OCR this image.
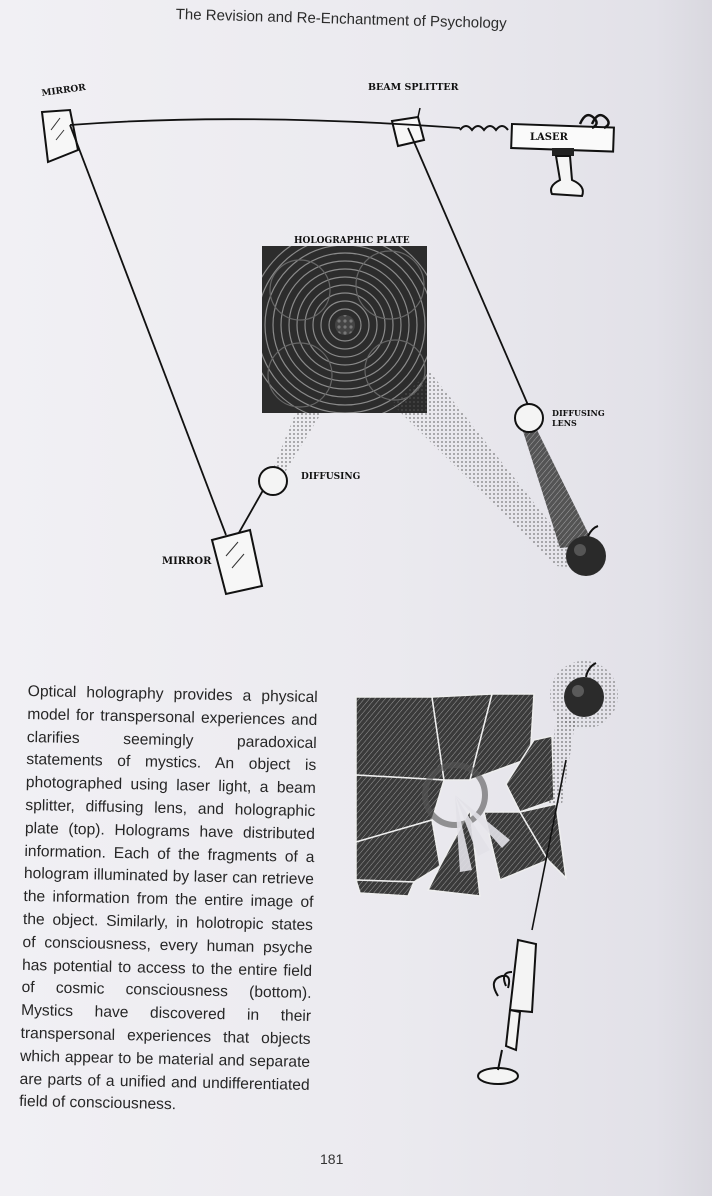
The Revision and Re-Enchantment of Psychology
MIRROR	BEAM SPLITTER
LASER
HOLOGRAPHIC PLATE
DIFFUSING
LENS
DIFFUSING
MIRROR

Optical holography provides a physical model for transpersonal experiences and clarifies seemingly paradoxical statements of mystics. An object is photographed using laser light, a beam splitter, diffusing lens, and holographic plate (top). Holograms have distributed information. Each of the fragments of a hologram illuminated by laser can retrieve the information from the entire image of the object. Similarly, in holotropic states of consciousness, every human psyche has potential to access to the entire field of cosmic consciousness (bottom). Mystics have discovered in their transpersonal experiences that objects which appear to be material and separate are parts of a unified and undifferentiated field of consciousness.

181
